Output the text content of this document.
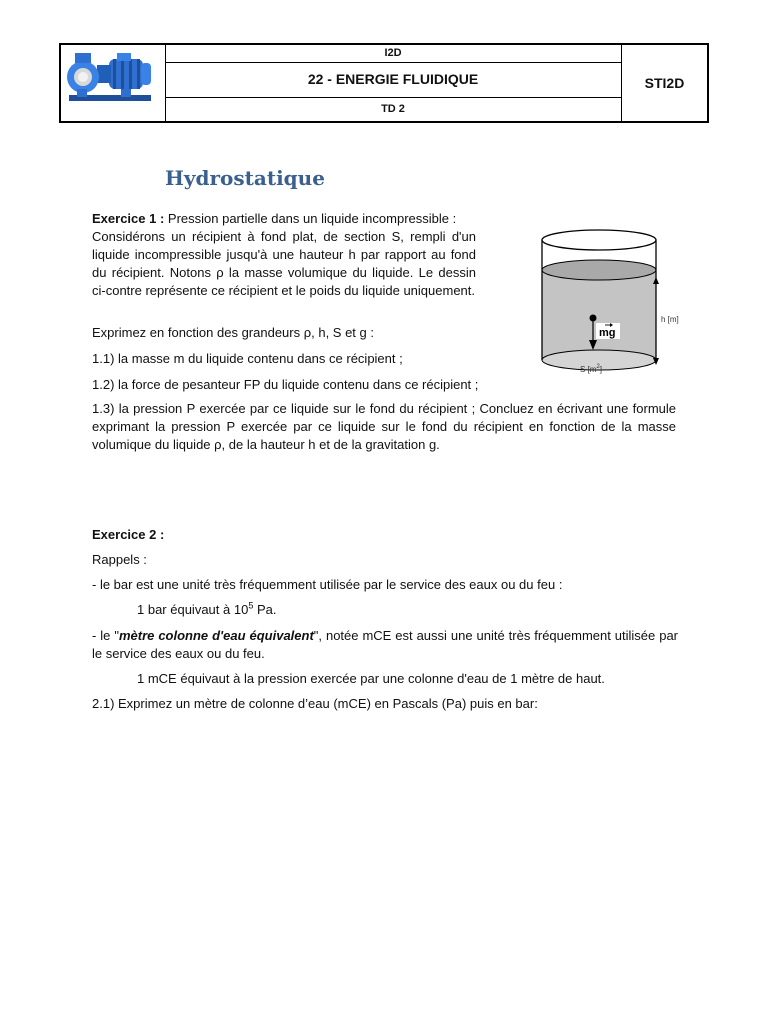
I2D
22 - ENERGIE FLUIDIQUE
TD 2
STI2D
Hydrostatique

Exercice 1 : Pression partielle dans un liquide incompressible :
Considérons un récipient à fond plat, de section S, rempli d'un liquide incompressible jusqu'à une hauteur h par rapport au fond du récipient. Notons ρ la masse volumique du liquide. Le dessin ci-contre représente ce récipient et le poids du liquide uniquement.

Exprimez en fonction des grandeurs ρ, h, S et g :

1.1) la masse m du liquide contenu dans ce récipient ;

1.2) la force de pesanteur FP du liquide contenu dans ce récipient ;

1.3) la pression P exercée par ce liquide sur le fond du récipient ; Concluez en écrivant une formule exprimant la pression P exercée par ce liquide sur le fond du récipient en fonction de la masse volumique du liquide ρ, de la hauteur h et de la gravitation g.

mg
h [m]
S $[m^2]$

Exercice 2 :

Rappels :

- le bar est une unité très fréquemment utilisée par le service des eaux ou du feu :

1 bar équivaut à $10^5$ Pa.

- le "mètre colonne d'eau équivalent", notée mCE est aussi une unité très fréquemment utilisée par le service des eaux ou du feu.

1 mCE équivaut à la pression exercée par une colonne d'eau de 1 mètre de haut.

2.1) Exprimez un mètre de colonne d’eau (mCE) en Pascals (Pa) puis en bar:
